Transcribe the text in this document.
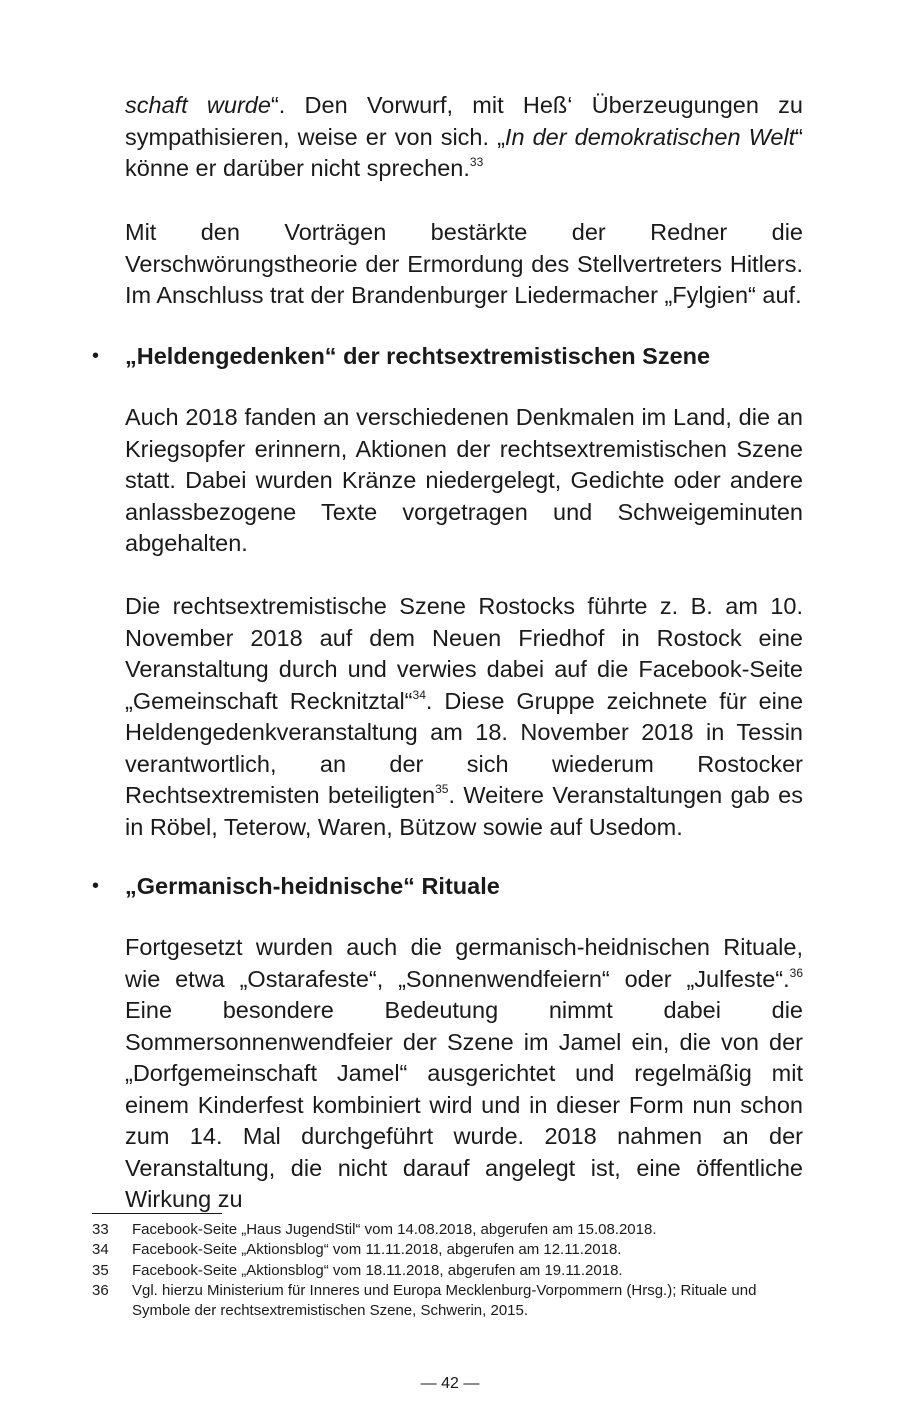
schaft wurde“. Den Vorwurf, mit Heß‘ Überzeugungen zu sympathisieren, weise er von sich. „In der demokratischen Welt“ könne er darüber nicht sprechen.$^{33}$

Mit den Vorträgen bestärkte der Redner die Verschwörungstheorie der Ermordung des Stellvertreters Hitlers. Im Anschluss trat der Brandenburger Liedermacher „Fylgien“ auf.

• „Heldengedenken“ der rechtsextremistischen Szene

Auch 2018 fanden an verschiedenen Denkmalen im Land, die an Kriegsopfer erinnern, Aktionen der rechtsextremistischen Szene statt. Dabei wurden Kränze niedergelegt, Gedichte oder andere anlassbezogene Texte vorgetragen und Schweigeminuten abgehalten.

Die rechtsextremistische Szene Rostocks führte z. B. am 10. November 2018 auf dem Neuen Friedhof in Rostock eine Veranstaltung durch und verwies dabei auf die Facebook-Seite „Gemeinschaft Recknitztal“$^{34}$. Diese Gruppe zeichnete für eine Heldengedenkveranstaltung am 18. November 2018 in Tessin verantwortlich, an der sich wiederum Rostocker Rechtsextremisten beteiligten$^{35}$. Weitere Veranstaltungen gab es in Röbel, Teterow, Waren, Bützow sowie auf Usedom.

• „Germanisch-heidnische“ Rituale

Fortgesetzt wurden auch die germanisch-heidnischen Rituale, wie etwa „Ostarafeste“, „Sonnenwendfeiern“ oder „Julfeste“.$^{36}$ Eine besondere Bedeutung nimmt dabei die Sommersonnenwendfeier der Szene im Jamel ein, die von der „Dorfgemeinschaft Jamel“ ausgerichtet und regelmäßig mit einem Kinderfest kombiniert wird und in dieser Form nun schon zum 14. Mal durchgeführt wurde. 2018 nahmen an der Veranstaltung, die nicht darauf angelegt ist, eine öffentliche Wirkung zu

33	Facebook-Seite „Haus JugendStil“ vom 14.08.2018, abgerufen am 15.08.2018.
34	Facebook-Seite „Aktionsblog“ vom 11.11.2018, abgerufen am 12.11.2018.
35	Facebook-Seite „Aktionsblog“ vom 18.11.2018, abgerufen am 19.11.2018.
36	Vgl. hierzu Ministerium für Inneres und Europa Mecklenburg-Vorpommern (Hrsg.); Rituale und Symbole der rechtsextremistischen Szene, Schwerin, 2015.
— 42 —
